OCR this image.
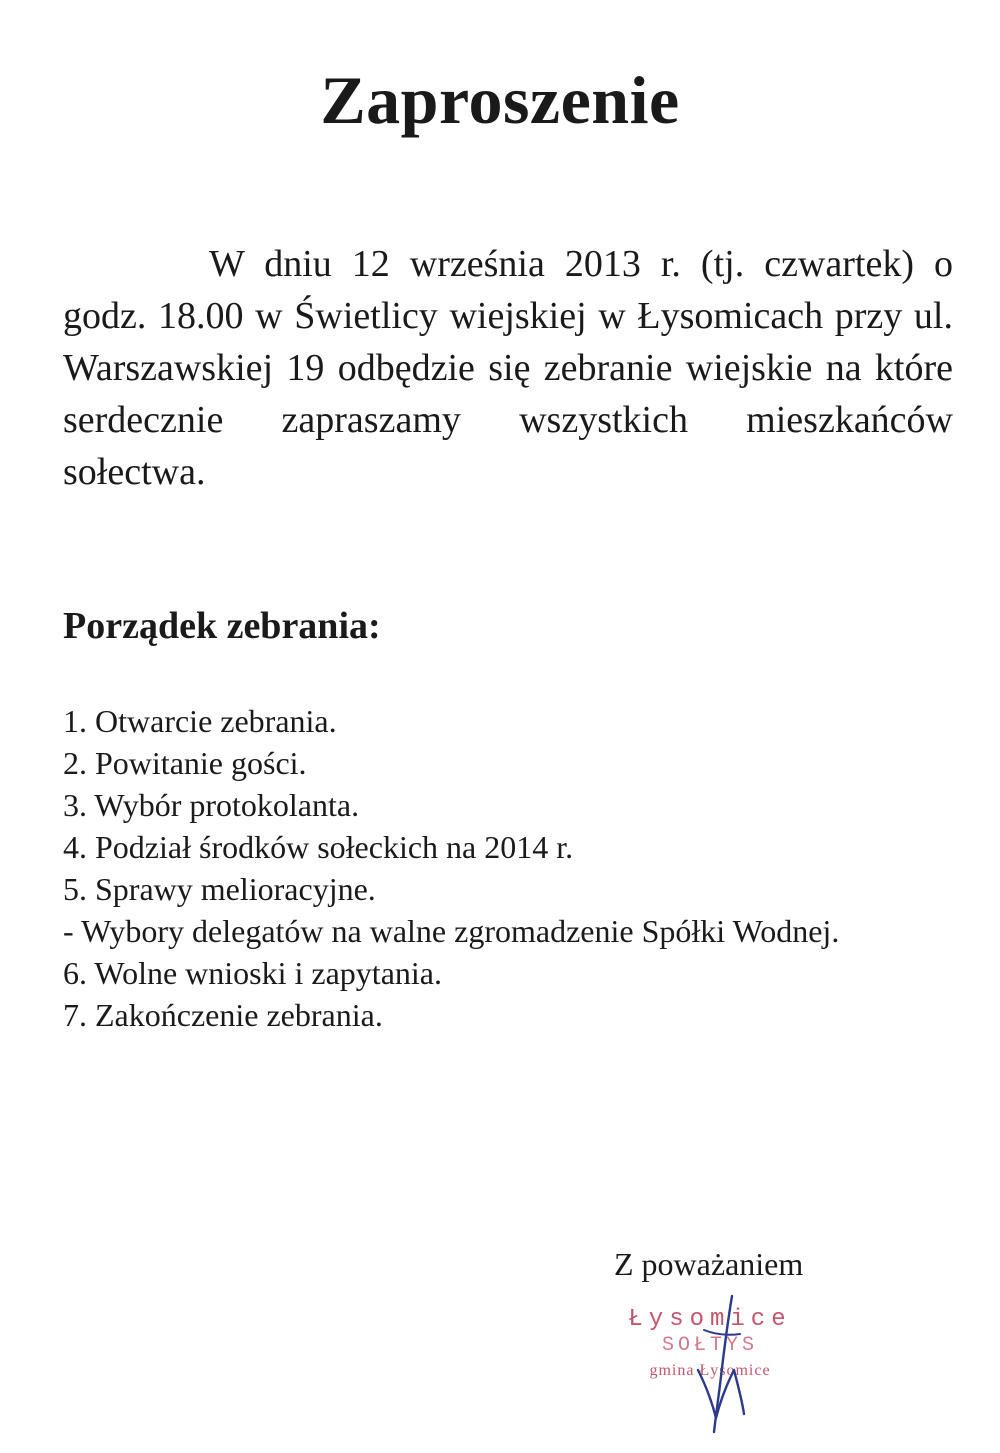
Zaproszenie

W dniu 12 września 2013 r. (tj. czwartek) o godz. 18.00 w Świetlicy wiejskiej w Łysomicach przy ul. Warszawskiej 19 odbędzie się zebranie wiejskie na które serdecznie zapraszamy wszystkich mieszkańców sołectwa.

Porządek zebrania:
1. Otwarcie zebrania.
2. Powitanie gości.
3. Wybór protokolanta.
4. Podział środków sołeckich na 2014 r.
5. Sprawy melioracyjne.
- Wybory delegatów na walne zgromadzenie Spółki Wodnej.
6. Wolne wnioski i zapytania.
7. Zakończenie zebrania.

Z poważaniem

Łysomice
SOŁTYS
gmina Łysomice
